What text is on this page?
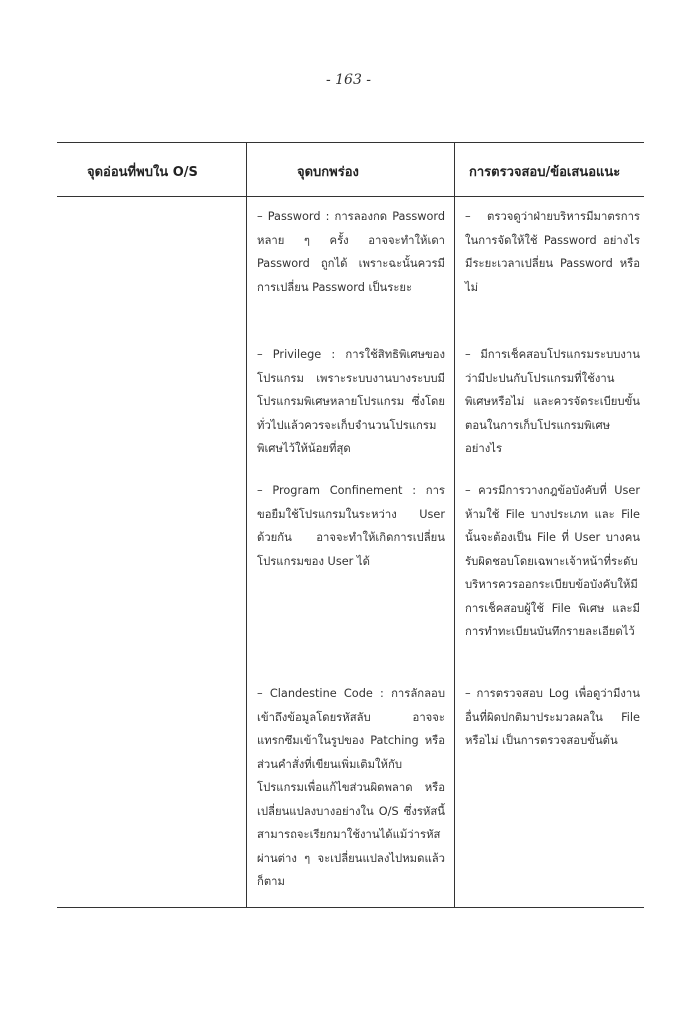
- 163 -
จุดอ่อนที่พบใน O/S	จุดบกพร่อง	การตรวจสอบ/ข้อเสนอแนะ
– Password : การลองกด Password หลาย ๆ ครั้ง อาจจะทำให้เดา Password ถูกได้ เพราะฉะนั้นควรมีการเปลี่ยน Password เป็นระยะ
– ตรวจดูว่าฝ่ายบริหารมีมาตรการในการจัดให้ใช้ Password อย่างไร มีระยะเวลาเปลี่ยน Password หรือไม่
– Privilege : การใช้สิทธิพิเศษของโปรแกรม เพราะระบบงานบางระบบมีโปรแกรมพิเศษหลายโปรแกรม ซึ่งโดยทั่วไปแล้วควรจะเก็บจำนวนโปรแกรมพิเศษไว้ให้น้อยที่สุด
– มีการเช็คสอบโปรแกรมระบบงานว่ามีปะปนกับโปรแกรมที่ใช้งานพิเศษหรือไม่ และควรจัดระเบียบขั้นตอนในการเก็บโปรแกรมพิเศษอย่างไร
– Program Confinement : การขอยืมใช้โปรแกรมในระหว่าง User ด้วยกัน อาจจะทำให้เกิดการเปลี่ยนโปรแกรมของ User ได้
– ควรมีการวางกฎข้อบังคับที่ User ห้ามใช้ File บางประเภท และ File นั้นจะต้องเป็น File ที่ User บางคนรับผิดชอบโดยเฉพาะเจ้าหน้าที่ระดับบริหารควรออกระเบียบข้อบังคับให้มีการเช็คสอบผู้ใช้ File พิเศษ และมีการทำทะเบียนบันทึกรายละเอียดไว้
– Clandestine Code : การลักลอบเข้าถึงข้อมูลโดยรหัสลับ อาจจะแทรกซึมเข้าในรูปของ Patching หรือส่วนคำสั่งที่เขียนเพิ่มเติมให้กับโปรแกรมเพื่อแก้ไขส่วนผิดพลาด หรือเปลี่ยนแปลงบางอย่างใน O/S ซึ่งรหัสนี้สามารถจะเรียกมาใช้งานได้แม้ว่ารหัสผ่านต่าง ๆ จะเปลี่ยนแปลงไปหมดแล้วก็ตาม
– การตรวจสอบ Log เพื่อดูว่ามีงานอื่นที่ผิดปกติมาประมวลผลใน File หรือไม่ เป็นการตรวจสอบขั้นต้น
